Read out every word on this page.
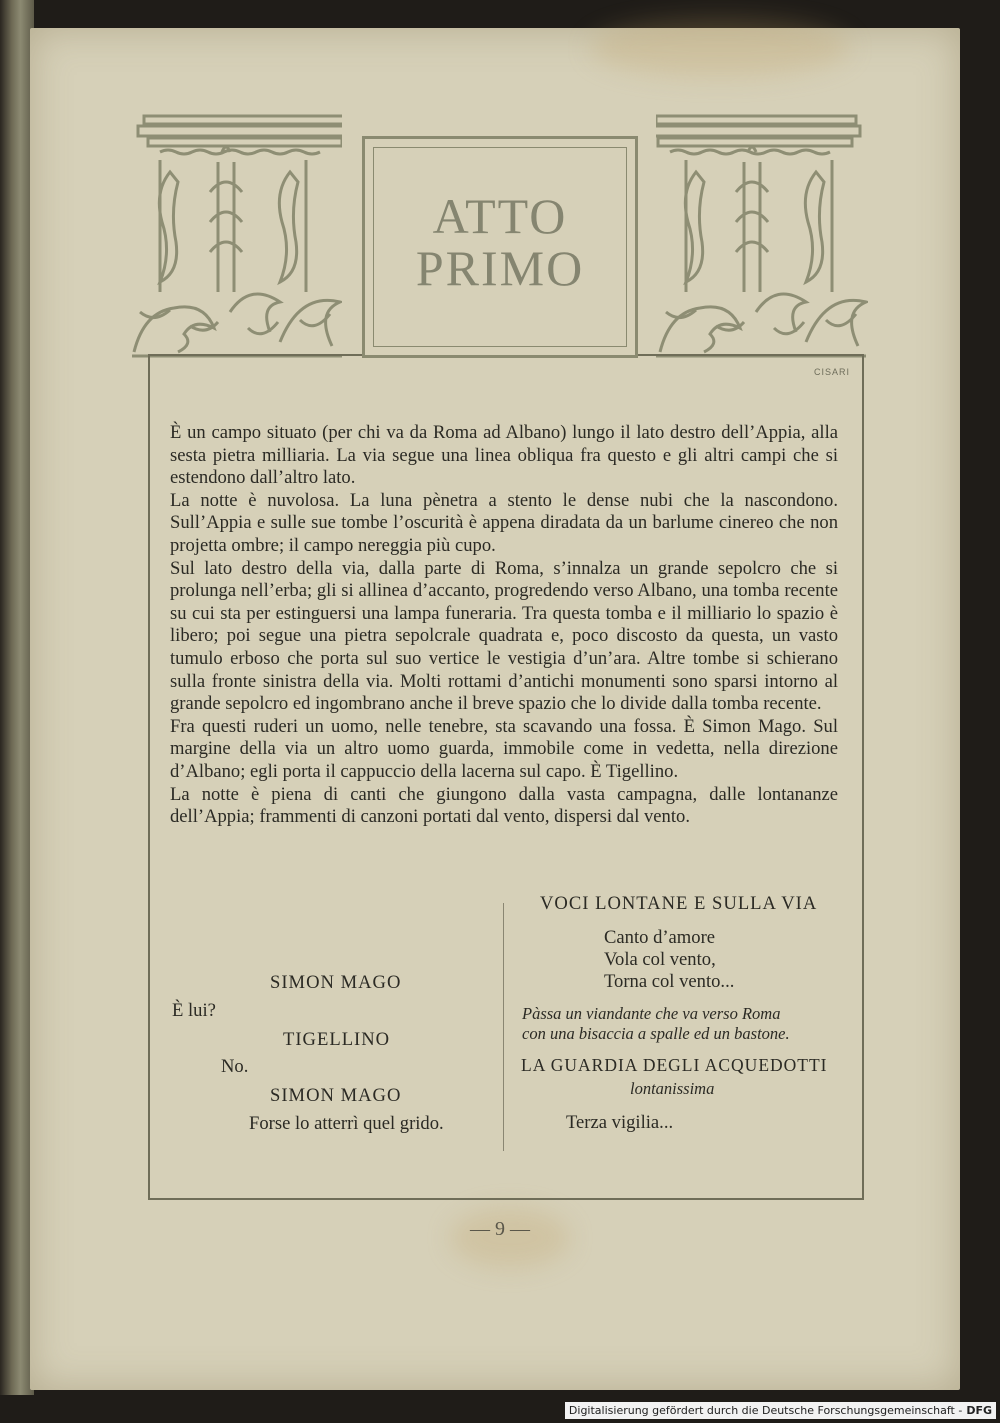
ATTO
PRIMO
CISARI

È un campo situato (per chi va da Roma ad Albano) lungo il lato destro dell’Appia, alla sesta pietra milliaria. La via segue una linea obliqua fra questo e gli altri campi che si estendono dall’altro lato.

La notte è nuvolosa. La luna pènetra a stento le dense nubi che la nascondono. Sull’Appia e sulle sue tombe l’oscurità è appena diradata da un barlume cinereo che non projetta ombre; il campo nereggia più cupo.

Sul lato destro della via, dalla parte di Roma, s’innalza un grande sepolcro che si prolunga nell’erba; gli si allinea d’accanto, progredendo verso Albano, una tomba recente su cui sta per estinguersi una lampa funeraria. Tra questa tomba e il milliario lo spazio è libero; poi segue una pietra sepolcrale quadrata e, poco discosto da questa, un vasto tumulo erboso che porta sul suo vertice le vestigia d’un’ara. Altre tombe si schierano sulla fronte sinistra della via. Molti rottami d’antichi monumenti sono sparsi intorno al grande sepolcro ed ingombrano anche il breve spazio che lo divide dalla tomba recente.

Fra questi ruderi un uomo, nelle tenebre, sta scavando una fossa. È Simon Mago. Sul margine della via un altro uomo guarda, immobile come in vedetta, nella direzione d’Albano; egli porta il cappuccio della lacerna sul capo. È Tigellino.

La notte è piena di canti che giungono dalla vasta campagna, dalle lontananze dell’Appia; frammenti di canzoni portati dal vento, dispersi dal vento.

SIMON MAGO
È lui?
TIGELLINO
No.
SIMON MAGO
Forse lo atterrì quel grido.
VOCI LONTANE E SULLA VIA
Canto d’amore
Vola col vento,
Torna col vento...
Pàssa un viandante che va verso Roma
con una bisaccia a spalle ed un bastone.
LA GUARDIA DEGLI ACQUEDOTTI
lontanissima
Terza vigilia...
— 9 —
Digitalisierung gefördert durch die Deutsche Forschungsgemeinschaft - DFG
